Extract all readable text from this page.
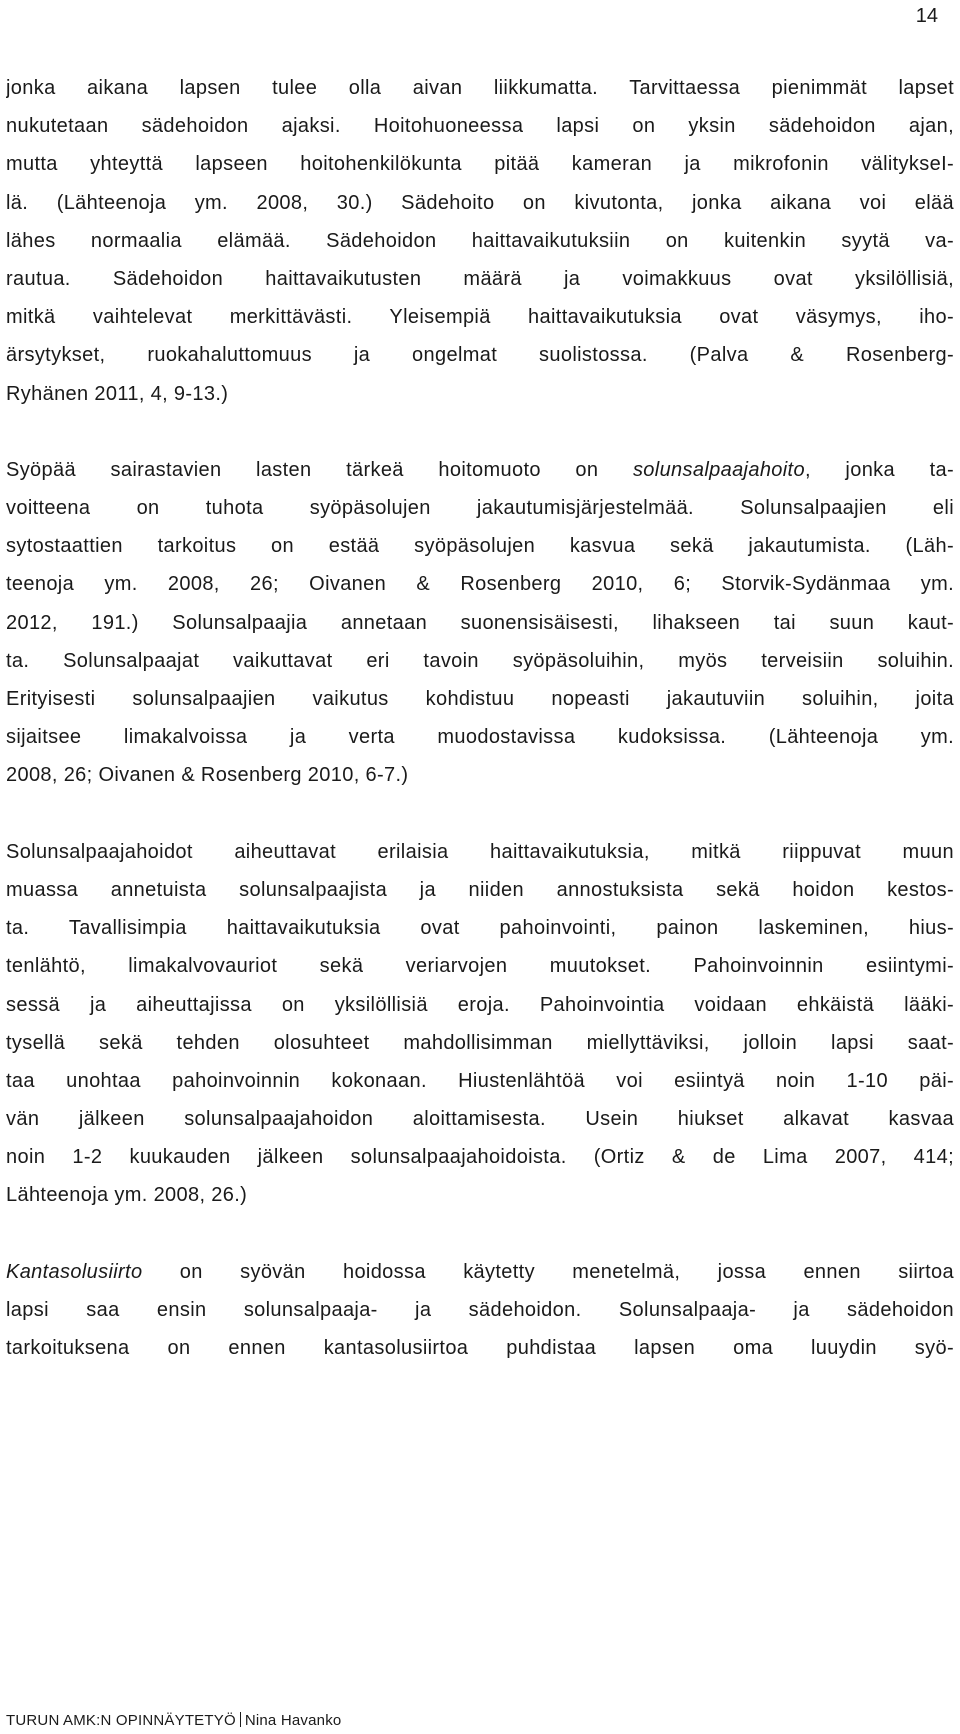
14
jonka aikana lapsen tulee olla aivan liikkumatta. Tarvittaessa pienimmät lapset
nukutetaan sädehoidon ajaksi. Hoitohuoneessa lapsi on yksin sädehoidon ajan,
mutta yhteyttä lapseen hoitohenkilökunta pitää kameran ja mikrofonin välitykseI-
lä. (Lähteenoja ym. 2008, 30.) Sädehoito on kivutonta, jonka aikana voi elää
lähes normaalia elämää. Sädehoidon haittavaikutuksiin on kuitenkin syytä va-
rautua. Sädehoidon haittavaikutusten määrä ja voimakkuus ovat yksilöllisiä,
mitkä vaihtelevat merkittävästi. Yleisempiä haittavaikutuksia ovat väsymys, iho-
ärsytykset, ruokahaluttomuus ja ongelmat suolistossa. (Palva & Rosenberg-
Ryhänen 2011, 4, 9-13.)
Syöpää sairastavien lasten tärkeä hoitomuoto on solunsalpaajahoito, jonka ta-
voitteena on tuhota syöpäsolujen jakautumisjärjestelmää. Solunsalpaajien eli
sytostaattien tarkoitus on estää syöpäsolujen kasvua sekä jakautumista. (Läh-
teenoja ym. 2008, 26; Oivanen & Rosenberg 2010, 6; Storvik-Sydänmaa ym.
2012, 191.) Solunsalpaajia annetaan suonensisäisesti, lihakseen tai suun kaut-
ta. Solunsalpaajat vaikuttavat eri tavoin syöpäsoluihin, myös terveisiin soluihin.
Erityisesti solunsalpaajien vaikutus kohdistuu nopeasti jakautuviin soluihin, joita
sijaitsee limakalvoissa ja verta muodostavissa kudoksissa. (Lähteenoja ym.
2008, 26; Oivanen & Rosenberg 2010, 6-7.)
Solunsalpaajahoidot aiheuttavat erilaisia haittavaikutuksia, mitkä riippuvat muun
muassa annetuista solunsalpaajista ja niiden annostuksista sekä hoidon kestos-
ta. Tavallisimpia haittavaikutuksia ovat pahoinvointi, painon laskeminen, hius-
tenlähtö, limakalvovauriot sekä veriarvojen muutokset. Pahoinvoinnin esiintymi-
sessä ja aiheuttajissa on yksilöllisiä eroja. Pahoinvointia voidaan ehkäistä lääki-
tysellä sekä tehden olosuhteet mahdollisimman miellyttäviksi, jolloin lapsi saat-
taa unohtaa pahoinvoinnin kokonaan. Hiustenlähtöä voi esiintyä noin 1-10 päi-
vän jälkeen solunsalpaajahoidon aloittamisesta. Usein hiukset alkavat kasvaa
noin 1-2 kuukauden jälkeen solunsalpaajahoidoista. (Ortiz & de Lima 2007, 414;
Lähteenoja ym. 2008, 26.)
Kantasolusiirto on syövän hoidossa käytetty menetelmä, jossa ennen siirtoa
lapsi saa ensin solunsalpaaja- ja sädehoidon. Solunsalpaaja- ja sädehoidon
tarkoituksena on ennen kantasolusiirtoa puhdistaa lapsen oma luuydin syö-
TURUN AMK:N OPINNÄYTETYÖ Nina Havanko
